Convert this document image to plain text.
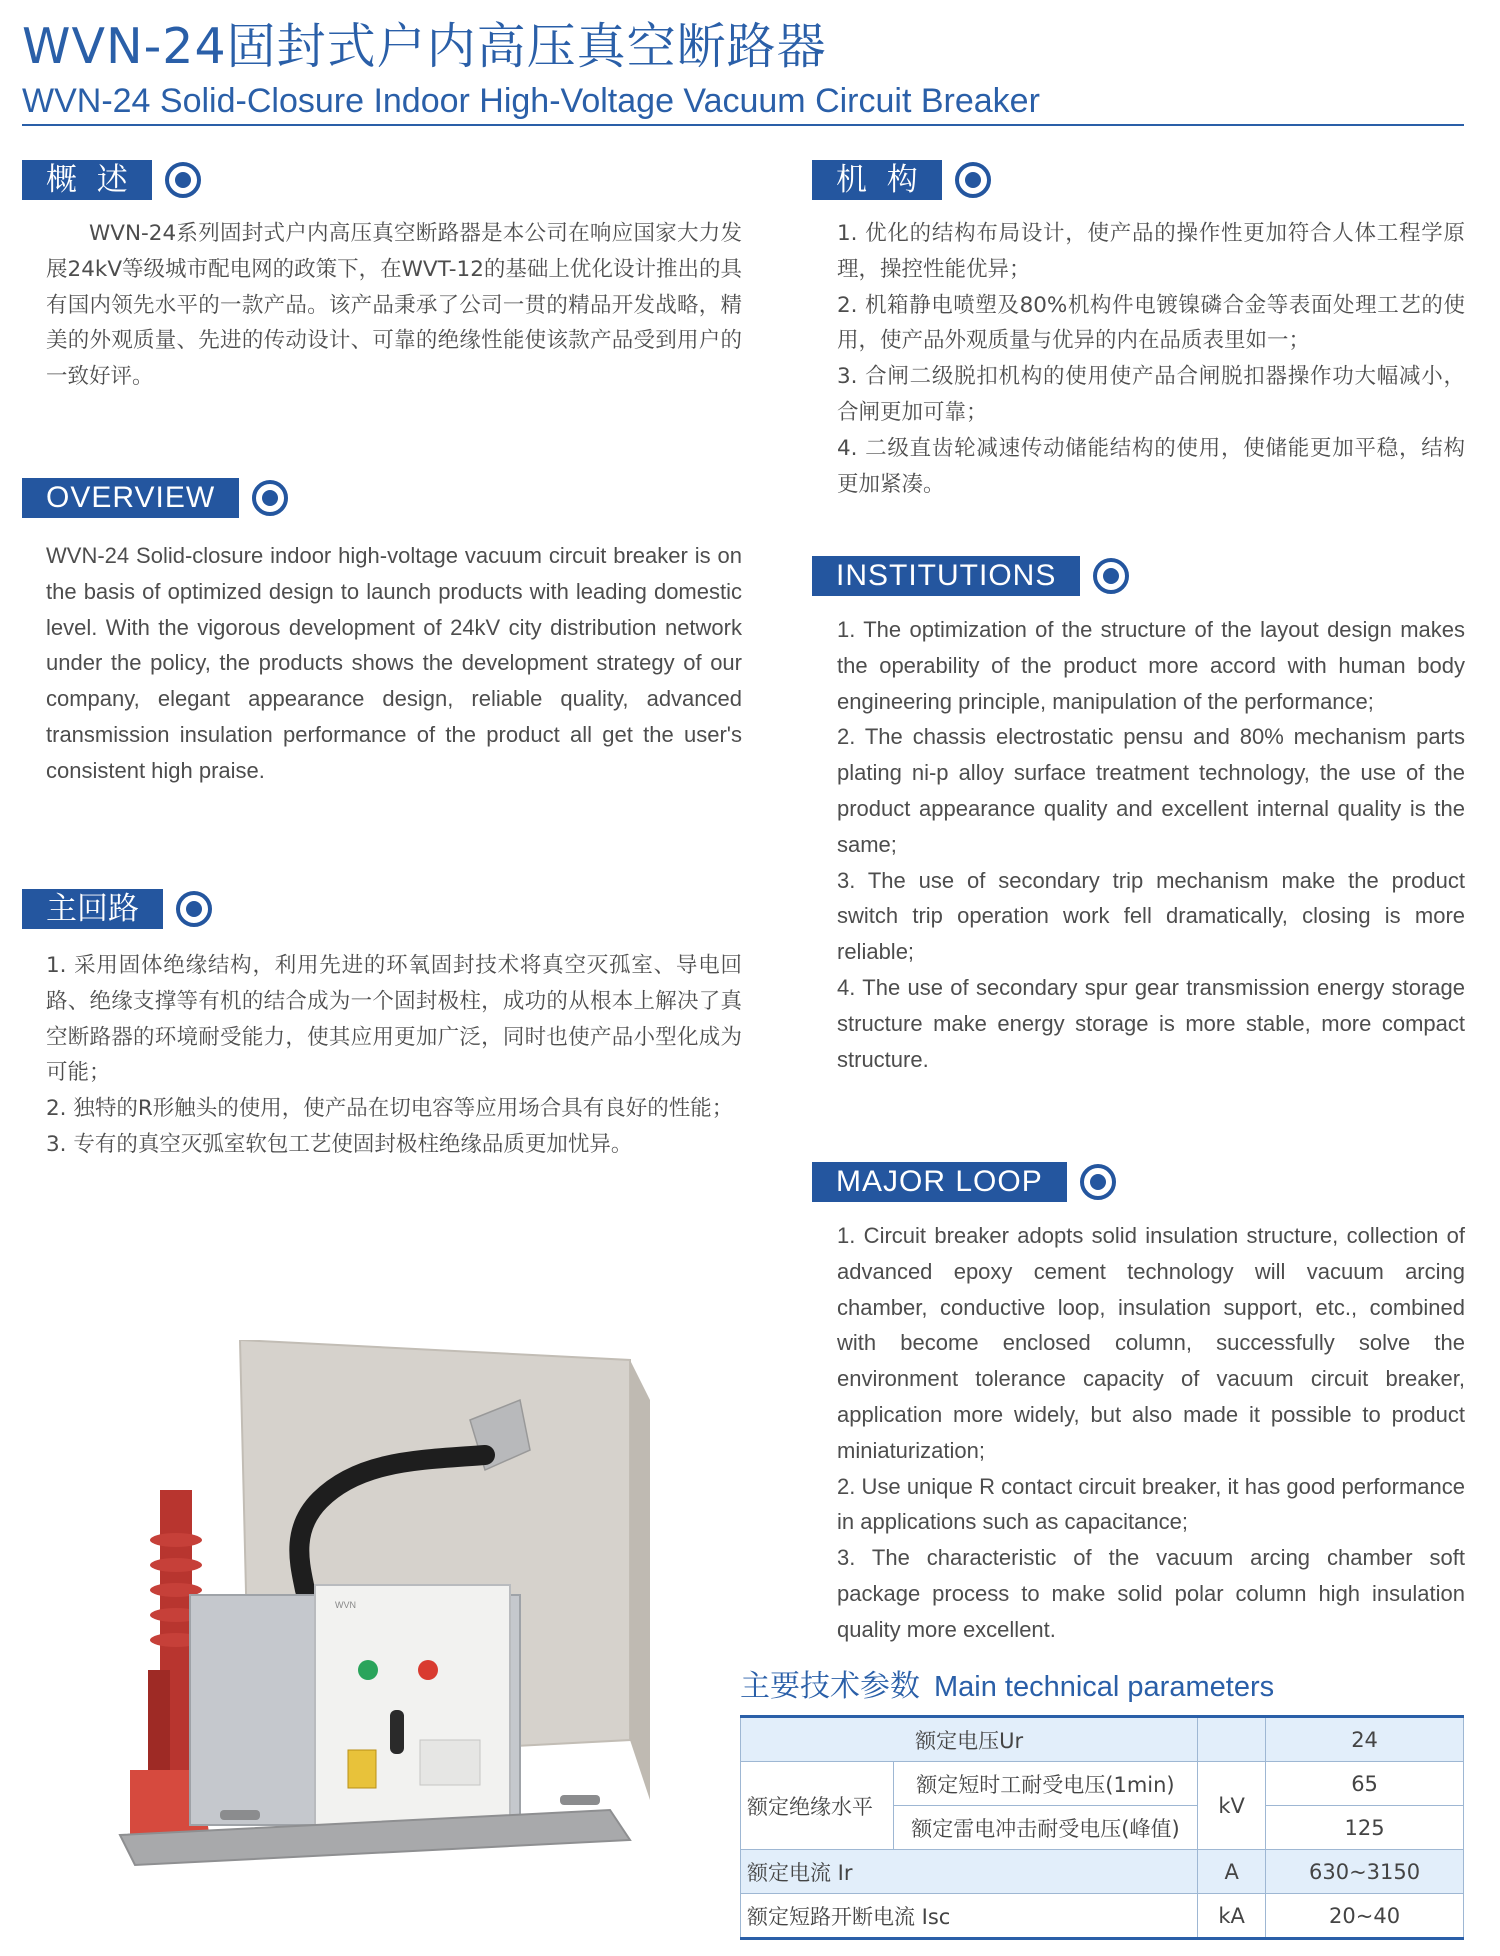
WVN-24固封式户内高压真空断路器
WVN-24 Solid-Closure Indoor High-Voltage Vacuum Circuit Breaker
概  述

WVN-24系列固封式户内高压真空断路器是本公司在响应国家大力发展24kV等级城市配电网的政策下，在WVT-12的基础上优化设计推出的具有国内领先水平的一款产品。该产品秉承了公司一贯的精品开发战略，精美的外观质量、先进的传动设计、可靠的绝缘性能使该款产品受到用户的一致好评。

OVERVIEW

WVN-24 Solid-closure indoor high-voltage vacuum circuit breaker is on the basis of optimized design to launch products with leading domestic level. With the vigorous development of 24kV city distribution network under the policy, the products shows the development strategy of our company, elegant appearance design, reliable quality, advanced transmission insulation performance of the product all get the user's consistent high praise.

主回路

1. 采用固体绝缘结构，利用先进的环氧固封技术将真空灭孤室、导电回路、绝缘支撑等有机的结合成为一个固封极柱，成功的从根本上解决了真空断路器的环境耐受能力，使其应用更加广泛，同时也使产品小型化成为可能；

2. 独特的R形触头的使用，使产品在切电容等应用场合具有良好的性能；

3. 专有的真空灭弧室软包工艺使固封极柱绝缘品质更加忧异。

机  构

1. 优化的结构布局设计，使产品的操作性更加符合人体工程学原理，操控性能优异；

2. 机箱静电喷塑及80%机构件电镀镍磷合金等表面处理工艺的使用，使产品外观质量与优异的内在品质表里如一；

3. 合闸二级脱扣机构的使用使产品合闸脱扣器操作功大幅减小，合闸更加可靠；

4. 二级直齿轮减速传动储能结构的使用，使储能更加平稳，结构更加紧凑。

INSTITUTIONS

1. The optimization of the structure of the layout design makes the operability of the product more accord with human body engineering principle, manipulation of the performance;

2. The chassis electrostatic pensu and 80% mechanism parts plating ni-p alloy surface treatment technology, the use of the product appearance quality and excellent internal quality is the same;

3. The use of secondary trip mechanism make the product switch trip operation work fell dramatically, closing is more reliable;

4. The use of secondary spur gear transmission energy storage structure make energy storage is more stable, more compact structure.

MAJOR LOOP

1. Circuit breaker adopts solid insulation structure, collection of advanced epoxy cement technology will vacuum arcing chamber, conductive loop, insulation support, etc., combined with become enclosed column, successfully solve the environment tolerance capacity of vacuum circuit breaker, application more widely, but also made it possible to product miniaturization;

2. Use unique R contact circuit breaker, it has good performance in applications such as capacitance;

3. The characteristic of the vacuum arcing chamber soft package process to make solid polar column high insulation quality more excellent.

WVN
主要技术参数 Main technical parameters
额定电压Ur			24
额定绝缘水平	额定短时工耐受电压(1min)	kV	65
	额定雷电冲击耐受电压(峰值)		125
额定电流 Ir		A	630~3150
额定短路开断电流 Isc		kA	20~40
